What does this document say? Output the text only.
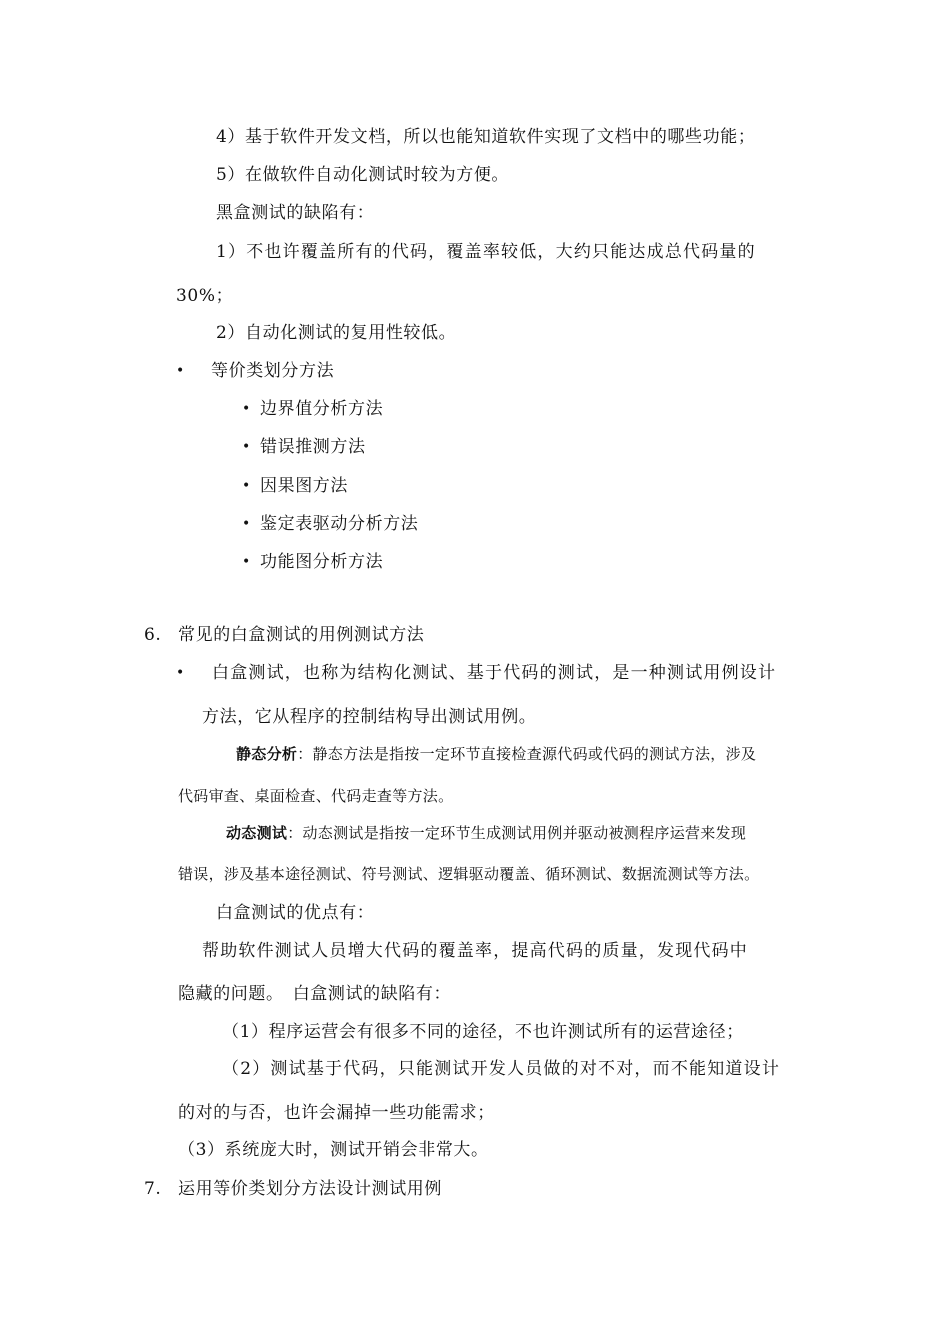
4）基于软件开发文档，所以也能知道软件实现了文档中的哪些功能；
5）在做软件自动化测试时较为方便。
黑盒测试的缺陷有：
1）不也许覆盖所有的代码，覆盖率较低，大约只能达成总代码量的
30%；
2）自动化测试的复用性较低。
• 等价类划分方法
• 边界值分析方法
• 错误推测方法
• 因果图方法
• 鉴定表驱动分析方法
• 功能图分析方法
6. 常见的白盒测试的用例测试方法
• 白盒测试，也称为结构化测试、基于代码的测试，是一种测试用例设计
方法，它从程序的控制结构导出测试用例。
静态分析：静态方法是指按一定环节直接检查源代码或代码的测试方法，涉及
代码审查、桌面检查、代码走查等方法。
动态测试：动态测试是指按一定环节生成测试用例并驱动被测程序运营来发现
错误，涉及基本途径测试、符号测试、逻辑驱动覆盖、循环测试、数据流测试等方法。
白盒测试的优点有：
帮助软件测试人员增大代码的覆盖率，提高代码的质量，发现代码中
隐藏的问题。　白盒测试的缺陷有：
（1）程序运营会有很多不同的途径，不也许测试所有的运营途径；
（2）测试基于代码，只能测试开发人员做的对不对，而不能知道设计
的对的与否，也许会漏掉一些功能需求；
（3）系统庞大时，测试开销会非常大。
7. 运用等价类划分方法设计测试用例
